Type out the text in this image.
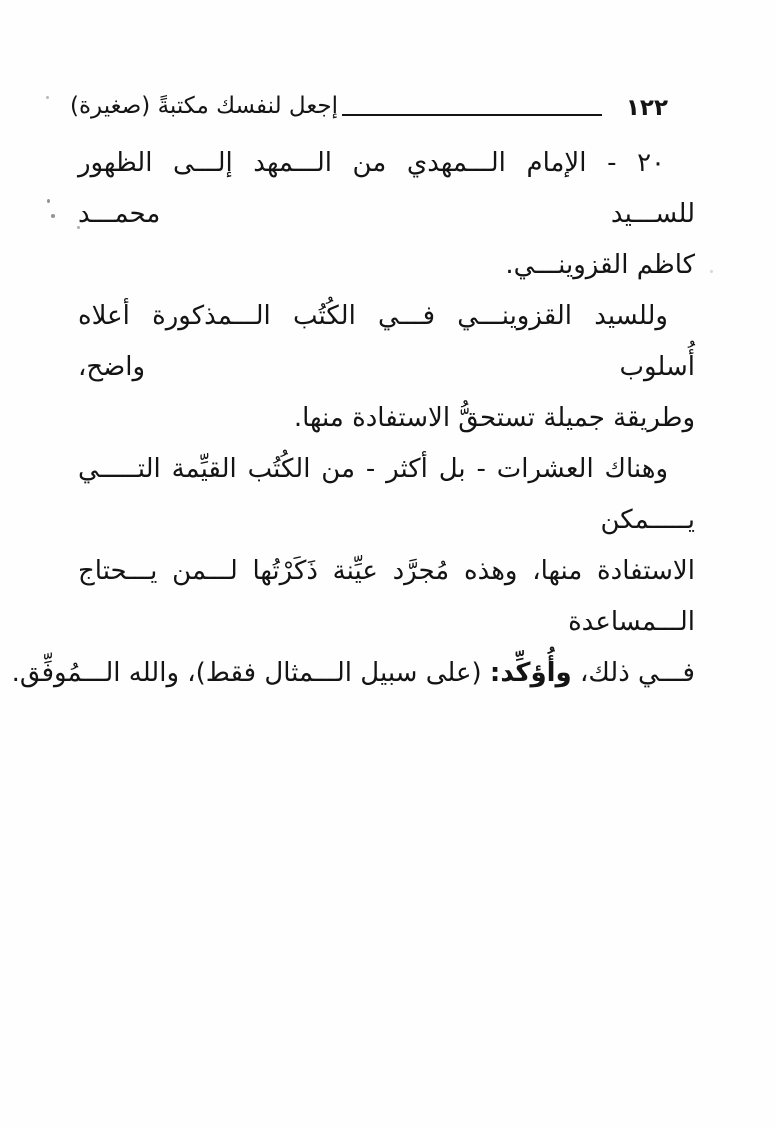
١٢٢
إجعل لنفسك مكتبةً (صغيرة)
٢٠ - الإمام الـــمهدي من الـــمهد إلـــى الظهور للســـيد محمـــد
كاظم القزوينـــي.
وللسيد القزوينـــي فـــي الكُتُب الـــمذكورة أعلاه أُسلوب واضح،
وطريقة جميلة تستحقُّ الاستفادة منها.
وهناك العشرات - بل أكثر - من الكُتُب القيِّمة التـــــي يـــــمكن
الاستفادة منها، وهذه مُجرَّد عيِّنة ذَكَرْتُها لـــمن يـــحتاج الـــمساعدة
فـــي ذلك، وأُؤكِّد: (على سبيل الـــمثال فقط)، والله الـــمُوفِّق.
